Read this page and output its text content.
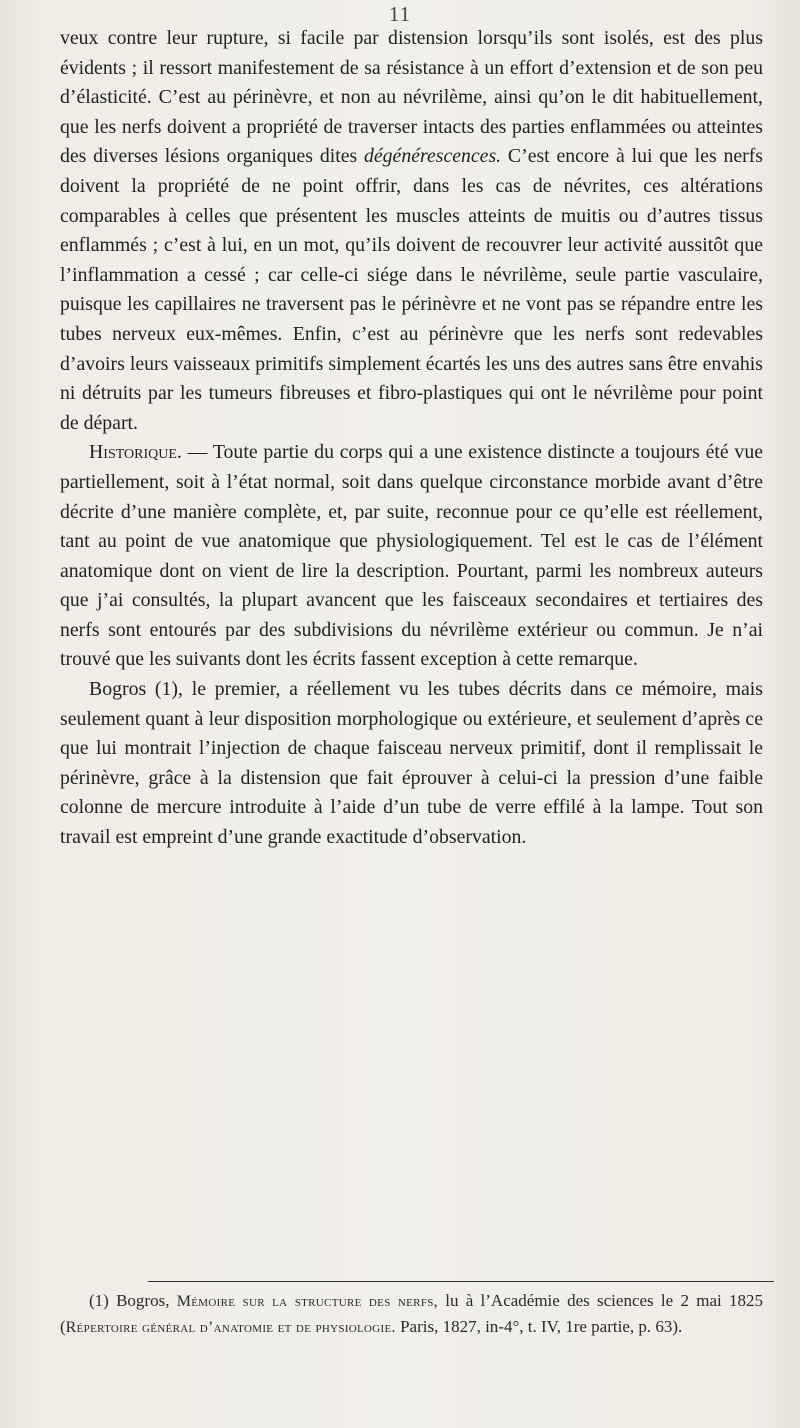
11

veux contre leur rupture, si facile par distension lorsqu’ils sont isolés, est des plus évidents ; il ressort manifestement de sa résistance à un effort d’extension et de son peu d’élasticité. C’est au périnèvre, et non au névrilème, ainsi qu’on le dit habituellement, que les nerfs doivent a propriété de traverser intacts des parties enflammées ou atteintes des diverses lésions organiques dites dégénérescences. C’est encore à lui que les nerfs doivent la propriété de ne point offrir, dans les cas de névrites, ces altérations comparables à celles que présentent les muscles atteints de muitis ou d’autres tissus enflammés ; c’est à lui, en un mot, qu’ils doivent de recouvrer leur activité aussitôt que l’inflammation a cessé ; car celle-ci siége dans le névrilème, seule partie vasculaire, puisque les capillaires ne traversent pas le périnèvre et ne vont pas se répandre entre les tubes nerveux eux-mêmes. Enfin, c’est au périnèvre que les nerfs sont redevables d’avoirs leurs vaisseaux primitifs simplement écartés les uns des autres sans être envahis ni détruits par les tumeurs fibreuses et fibro-plastiques qui ont le névrilème pour point de départ.

Historique. — Toute partie du corps qui a une existence distincte a toujours été vue partiellement, soit à l’état normal, soit dans quelque circonstance morbide avant d’être décrite d’une manière complète, et, par suite, reconnue pour ce qu’elle est réellement, tant au point de vue anatomique que physiologiquement. Tel est le cas de l’élément anatomique dont on vient de lire la description. Pourtant, parmi les nombreux auteurs que j’ai consultés, la plupart avancent que les faisceaux secondaires et tertiaires des nerfs sont entourés par des subdivisions du névrilème extérieur ou commun. Je n’ai trouvé que les suivants dont les écrits fassent exception à cette remarque.

Bogros (1), le premier, a réellement vu les tubes décrits dans ce mémoire, mais seulement quant à leur disposition morphologique ou extérieure, et seulement d’après ce que lui montrait l’injection de chaque faisceau nerveux primitif, dont il remplissait le périnèvre, grâce à la distension que fait éprouver à celui-ci la pression d’une faible colonne de mercure introduite à l’aide d’un tube de verre effilé à la lampe. Tout son travail est empreint d’une grande exactitude d’observation.

(1) Bogros, Mémoire sur la structure des nerfs, lu à l’Académie des sciences le 2 mai 1825 (Répertoire général d’anatomie et de physiologie. Paris, 1827, in-4°, t. IV, 1re partie, p. 63).
